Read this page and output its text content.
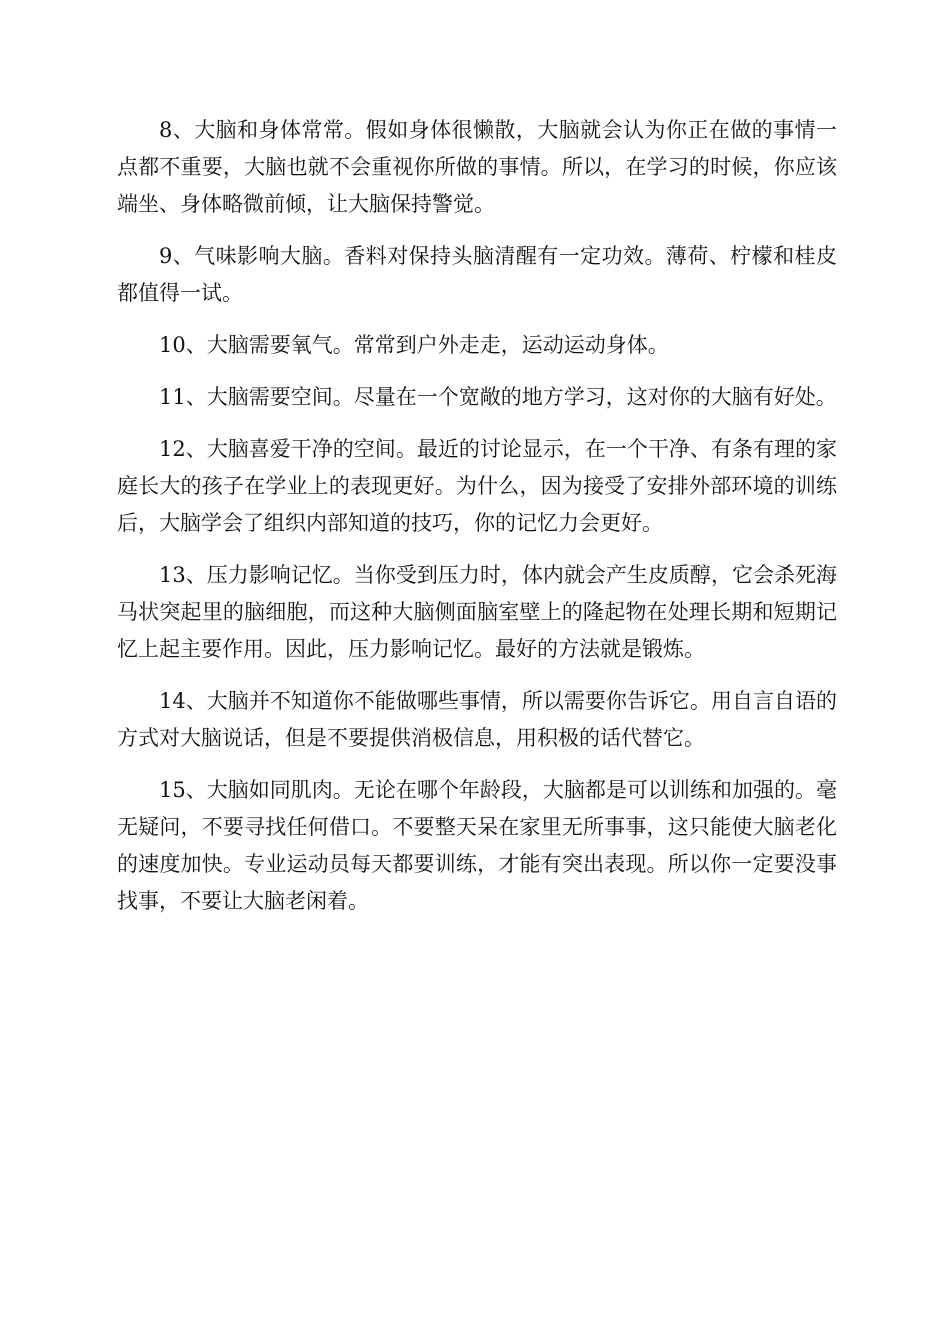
8、大脑和身体常常。假如身体很懒散，大脑就会认为你正在做的事情一点都不重要，大脑也就不会重视你所做的事情。所以，在学习的时候，你应该端坐、身体略微前倾，让大脑保持警觉。

9、气味影响大脑。香料对保持头脑清醒有一定功效。薄荷、柠檬和桂皮都值得一试。

10、大脑需要氧气。常常到户外走走，运动运动身体。

11、大脑需要空间。尽量在一个宽敞的地方学习，这对你的大脑有好处。

12、大脑喜爱干净的空间。最近的讨论显示，在一个干净、有条有理的家庭长大的孩子在学业上的表现更好。为什么，因为接受了安排外部环境的训练后，大脑学会了组织内部知道的技巧，你的记忆力会更好。

13、压力影响记忆。当你受到压力时，体内就会产生皮质醇，它会杀死海马状突起里的脑细胞，而这种大脑侧面脑室壁上的隆起物在处理长期和短期记忆上起主要作用。因此，压力影响记忆。最好的方法就是锻炼。

14、大脑并不知道你不能做哪些事情，所以需要你告诉它。用自言自语的方式对大脑说话，但是不要提供消极信息，用积极的话代替它。

15、大脑如同肌肉。无论在哪个年龄段，大脑都是可以训练和加强的。毫无疑问，不要寻找任何借口。不要整天呆在家里无所事事，这只能使大脑老化的速度加快。专业运动员每天都要训练，才能有突出表现。所以你一定要没事找事，不要让大脑老闲着。
